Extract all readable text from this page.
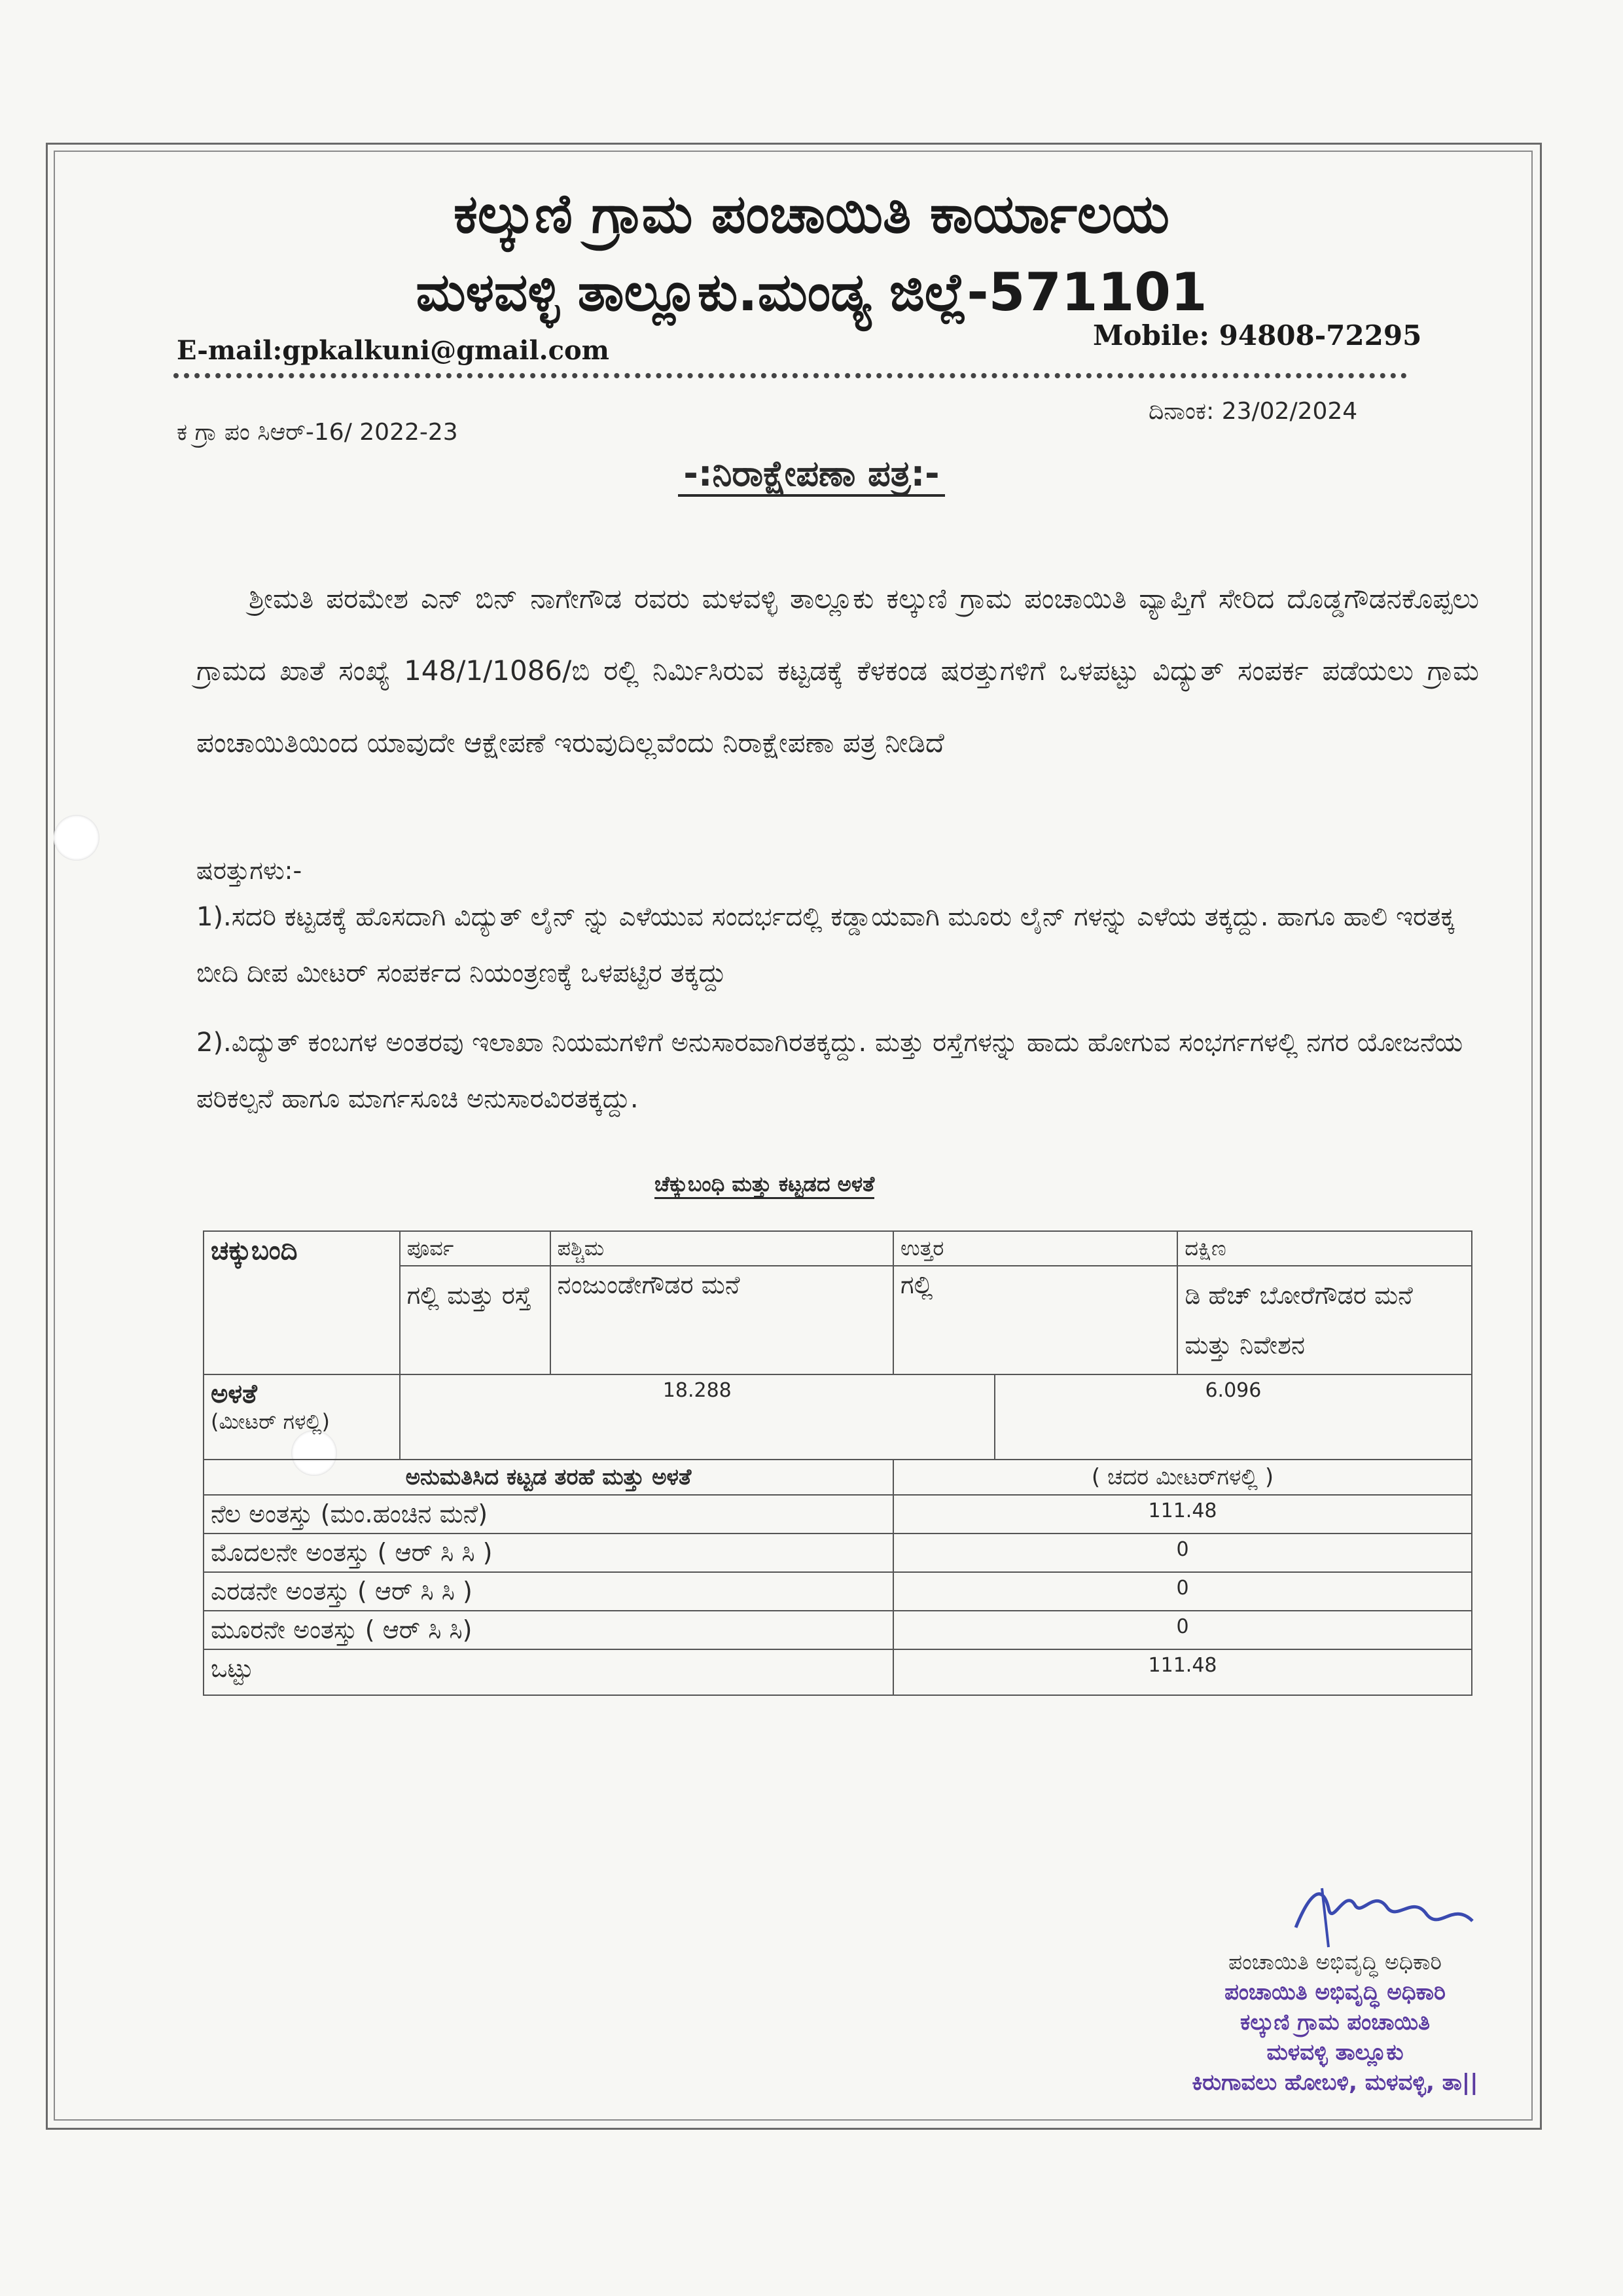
ಕಲ್ಕುಣಿ ಗ್ರಾಮ ಪಂಚಾಯಿತಿ ಕಾರ್ಯಾಲಯ
ಮಳವಳ್ಳಿ ತಾಲ್ಲೂಕು.ಮಂಡ್ಯ ಜಿಲ್ಲೆ-571101
E-mail:gpkalkuni@gmail.com	Mobile: 94808-72295
ಕ ಗ್ರಾ ಪಂ ಸಿಆರ್-16/ 2022-23
ದಿನಾಂಕ: 23/02/2024
-:ನಿರಾಕ್ಷೇಪಣಾ ಪತ್ರ:-

ಶ್ರೀಮತಿ ಪರಮೇಶ ಎನ್ ಬಿನ್ ನಾಗೇಗೌಡ ರವರು ಮಳವಳ್ಳಿ ತಾಲ್ಲೂಕು ಕಲ್ಕುಣಿ ಗ್ರಾಮ ಪಂಚಾಯಿತಿ ವ್ಯಾಪ್ತಿಗೆ ಸೇರಿದ ದೊಡ್ಡಗೌಡನಕೊಪ್ಪಲು ಗ್ರಾಮದ ಖಾತೆ ಸಂಖ್ಯೆ 148/1/1086/ಬಿ ರಲ್ಲಿ ನಿರ್ಮಿಸಿರುವ ಕಟ್ಟಡಕ್ಕೆ ಕೆಳಕಂಡ ಷರತ್ತುಗಳಿಗೆ ಒಳಪಟ್ಟು ವಿದ್ಯುತ್ ಸಂಪರ್ಕ ಪಡೆಯಲು ಗ್ರಾಮ ಪಂಚಾಯಿತಿಯಿಂದ ಯಾವುದೇ ಆಕ್ಷೇಪಣೆ ಇರುವುದಿಲ್ಲವೆಂದು ನಿರಾಕ್ಷೇಪಣಾ ಪತ್ರ ನೀಡಿದೆ

ಷರತ್ತುಗಳು:-

1).ಸದರಿ ಕಟ್ಟಡಕ್ಕೆ ಹೊಸದಾಗಿ ವಿದ್ಯುತ್ ಲೈನ್ ನ್ನು ಎಳೆಯುವ ಸಂದರ್ಭದಲ್ಲಿ ಕಡ್ಡಾಯವಾಗಿ ಮೂರು ಲೈನ್ ಗಳನ್ನು ಎಳೆಯ ತಕ್ಕದ್ದು. ಹಾಗೂ ಹಾಲಿ ಇರತಕ್ಕ ಬೀದಿ ದೀಪ ಮೀಟರ್ ಸಂಪರ್ಕದ ನಿಯಂತ್ರಣಕ್ಕೆ ಒಳಪಟ್ಟಿರ ತಕ್ಕದ್ದು

2).ವಿದ್ಯುತ್ ಕಂಬಗಳ ಅಂತರವು ಇಲಾಖಾ ನಿಯಮಗಳಿಗೆ ಅನುಸಾರವಾಗಿರತಕ್ಕದ್ದು. ಮತ್ತು ರಸ್ತೆಗಳನ್ನು ಹಾದು ಹೋಗುವ ಸಂಭರ್ಗಗಳಲ್ಲಿ ನಗರ ಯೋಜನೆಯ ಪರಿಕಲ್ಪನೆ ಹಾಗೂ ಮಾರ್ಗಸೂಚಿ ಅನುಸಾರವಿರತಕ್ಕದ್ದು.

ಚೆಕ್ಕುಬಂಧಿ ಮತ್ತು ಕಟ್ಟಡದ ಅಳತೆ
ಚಕ್ಕುಬಂದಿ	ಪೂರ್ವ	ಪಶ್ಚಿಮ	ಉತ್ತರ		ದಕ್ಷಿಣ
	ಗಲ್ಲಿ ಮತ್ತು ರಸ್ತೆ	ನಂಜುಂಡೇಗೌಡರ ಮನೆ	ಗಲ್ಲಿ		ಡಿ ಹೆಚ್ ಬೋರೆಗೌಡರ ಮನೆ ಮತ್ತು ನಿವೇಶನ

ಅಳತೆ
(ಮೀಟರ್ ಗಳಲ್ಲಿ)	18.288			6.096	
ಅನುಮತಿಸಿದ ಕಟ್ಟಡ ತರಹೆ ಮತ್ತು ಅಳತೆ			( ಚದರ ಮೀಟರ್‌ಗಳಲ್ಲಿ )		
ನೆಲ ಅಂತಸ್ತು (ಮಂ.ಹಂಚಿನ ಮನೆ)			111.48		
ಮೊದಲನೇ ಅಂತಸ್ತು ( ಆರ್ ಸಿ ಸಿ )			0		
ಎರಡನೇ ಅಂತಸ್ತು ( ಆರ್ ಸಿ ಸಿ )			0		
ಮೂರನೇ ಅಂತಸ್ತು ( ಆರ್ ಸಿ ಸಿ)			0		
ಒಟ್ಟು			111.48		
ಪಂಚಾಯಿತಿ ಅಭಿವೃದ್ಧಿ ಅಧಿಕಾರಿ
ಪಂಚಾಯಿತಿ ಅಭಿವೃದ್ಧಿ ಅಧಿಕಾರಿ
ಕಲ್ಕುಣಿ ಗ್ರಾಮ ಪಂಚಾಯಿತಿ
ಮಳವಳ್ಳಿ ತಾಲ್ಲೂಕು
ಕಿರುಗಾವಲು ಹೋಬಳಿ, ಮಳವಳ್ಳಿ, ತಾ||
